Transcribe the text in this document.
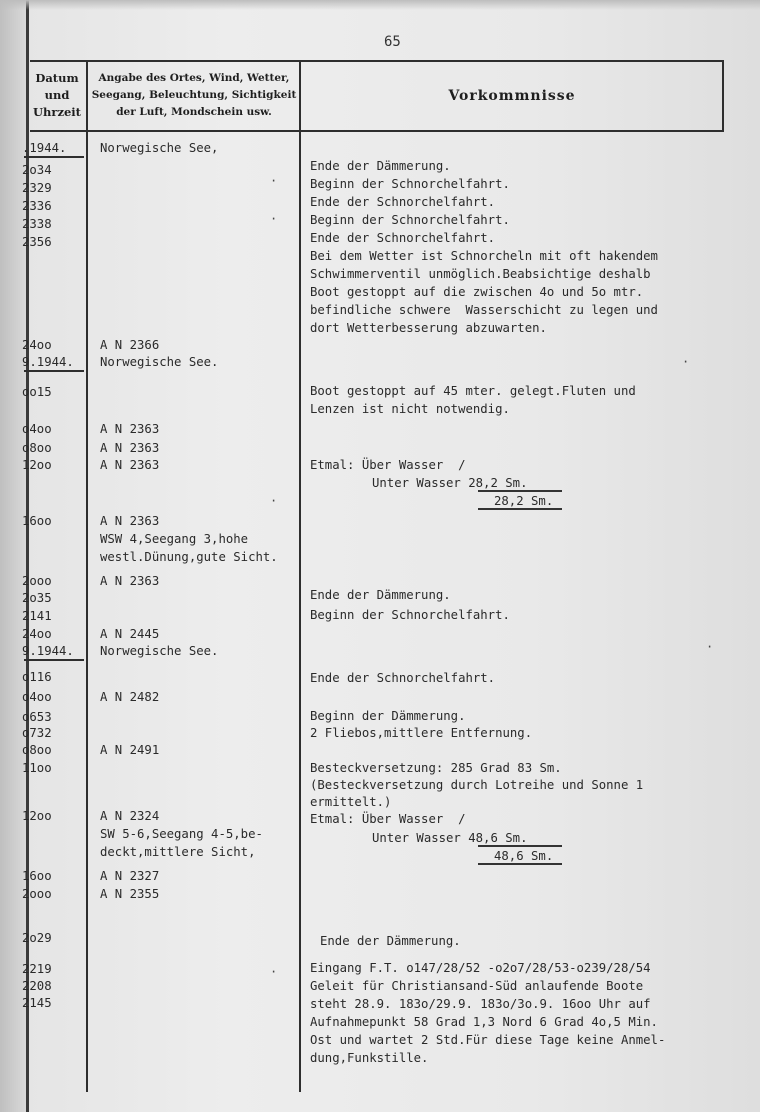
65
Datum
und
Uhrzeit
Angabe des Ortes, Wind, Wetter,
Seegang, Beleuchtung, Sichtigkeit
der Luft, Mondschein usw.
Vorkommnisse
.1944.
2o34
2329
2336
2338
2356
24oo
9.1944.
oo15
o4oo
o8oo
12oo
16oo
2ooo
2o35
2141
24oo
9.1944.
o116
o4oo
o653
o732
o8oo
11oo
12oo
16oo
2ooo
2o29
2219
2208
2145
Norwegische See,
A N 2366
Norwegische See.
A N 2363
A N 2363
A N 2363
A N 2363
WSW 4,Seegang 3,hohe
westl.Dünung,gute Sicht.
A N 2363
A N 2445
Norwegische See.
A N 2482
A N 2491
A N 2324
SW 5-6,Seegang 4-5,be-
deckt,mittlere Sicht,
A N 2327
A N 2355
Ende der Dämmerung.
Beginn der Schnorchelfahrt.
Ende der Schnorchelfahrt.
Beginn der Schnorchelfahrt.
Ende der Schnorchelfahrt.
Bei dem Wetter ist Schnorcheln mit oft hakendem
Schwimmerventil unmöglich.Beabsichtige deshalb
Boot gestoppt auf die zwischen 4o und 5o mtr.
befindliche schwere  Wasserschicht zu legen und
dort Wetterbesserung abzuwarten.
Boot gestoppt auf 45 mter. gelegt.Fluten und
Lenzen ist nicht notwendig.
Etmal: Über Wasser  /
Unter Wasser 28,2 Sm.
28,2 Sm.
Ende der Dämmerung.
Beginn der Schnorchelfahrt.
Ende der Schnorchelfahrt.
Beginn der Dämmerung.
2 Fliebos,mittlere Entfernung.
Besteckversetzung: 285 Grad 83 Sm.
(Besteckversetzung durch Lotreihe und Sonne 1
ermittelt.)
Etmal: Über Wasser  /
Unter Wasser 48,6 Sm.
48,6 Sm.
Ende der Dämmerung.
Eingang F.T. o147/28/52 -o2o7/28/53-o239/28/54
Geleit für Christiansand-Süd anlaufende Boote
steht 28.9. 183o/29.9. 183o/3o.9. 16oo Uhr auf
Aufnahmepunkt 58 Grad 1,3 Nord 6 Grad 4o,5 Min.
Ost und wartet 2 Std.Für diese Tage keine Anmel-
dung,Funkstille.
·
·
·
·
·
·
